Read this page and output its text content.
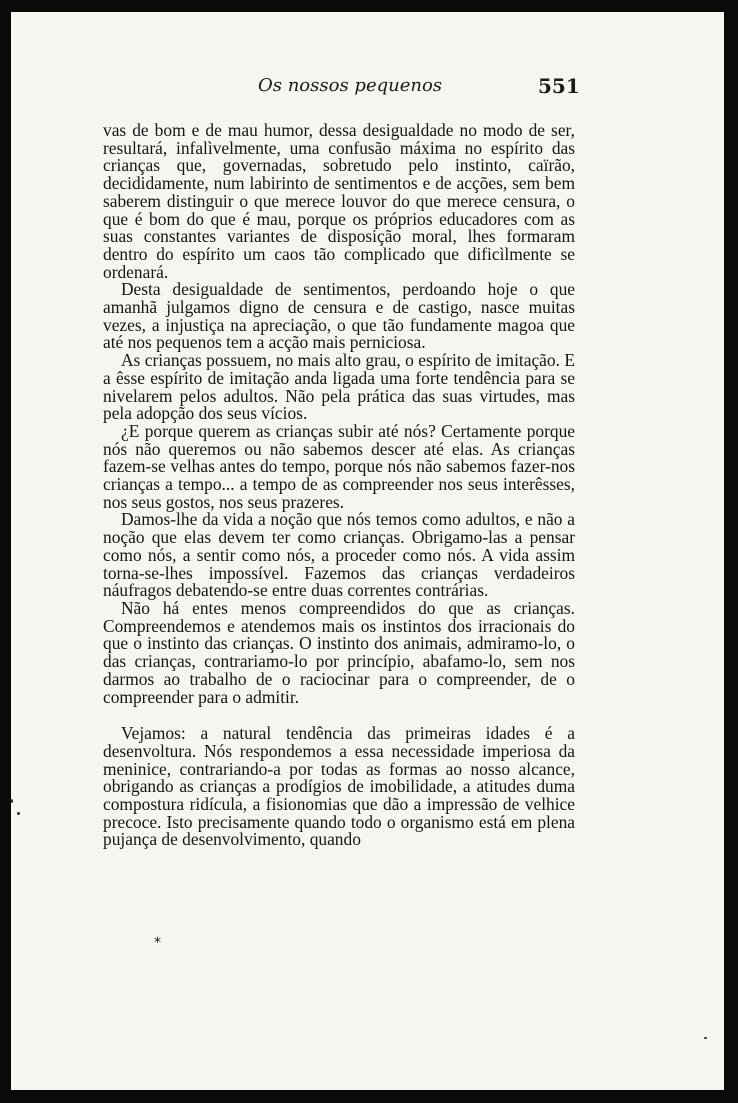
Os nossos pequenos	551

vas de bom e de mau humor, dessa desigualdade no modo de ser, resultará, infalìvelmente, uma confusão máxima no espírito das crianças que, governadas, sobretudo pelo instinto, caïrão, decididamente, num labirinto de sentimentos e de acções, sem bem saberem distinguir o que merece louvor do que merece censura, o que é bom do que é mau, porque os próprios educadores com as suas constantes variantes de disposição moral, lhes formaram dentro do espírito um caos tão complicado que dificìlmente se ordenará.

Desta desigualdade de sentimentos, perdoando hoje o que amanhã julgamos digno de censura e de castigo, nasce muitas vezes, a injustiça na apreciação, o que tão fundamente magoa que até nos pequenos tem a acção mais perniciosa.

As crianças possuem, no mais alto grau, o espírito de imitação. E a êsse espírito de imitação anda ligada uma forte tendência para se nivelarem pelos adultos. Não pela prática das suas virtudes, mas pela adopção dos seus vícios.

¿E porque querem as crianças subir até nós? Certamente porque nós não queremos ou não sabemos descer até elas. As crianças fazem-se velhas antes do tempo, porque nós não sabemos fazer-nos crianças a tempo... a tempo de as compreender nos seus interêsses, nos seus gostos, nos seus prazeres.

Damos-lhe da vida a noção que nós temos como adultos, e não a noção que elas devem ter como crianças. Obrigamo-las a pensar como nós, a sentir como nós, a proceder como nós. A vida assim torna-se-lhes impossível. Fazemos das crianças verdadeiros náufragos debatendo-se entre duas correntes contrárias.

Não há entes menos compreendidos do que as crianças. Compreendemos e atendemos mais os instintos dos irracionais do que o instinto das crianças. O instinto dos animais, admiramo-lo, o das crianças, contrariamo-lo por princípio, abafamo-lo, sem nos darmos ao trabalho de o raciocinar para o compreender, de o compreender para o admitir.

Vejamos: a natural tendência das primeiras idades é a desenvoltura. Nós respondemos a essa necessidade imperiosa da meninice, contrariando-a por todas as formas ao nosso alcance, obrigando as crianças a prodígios de imobilidade, a atitudes duma compostura ridícula, a fisionomias que dão a impressão de velhice precoce. Isto precisamente quando todo o organismo está em plena pujança de desenvolvimento, quando

*
